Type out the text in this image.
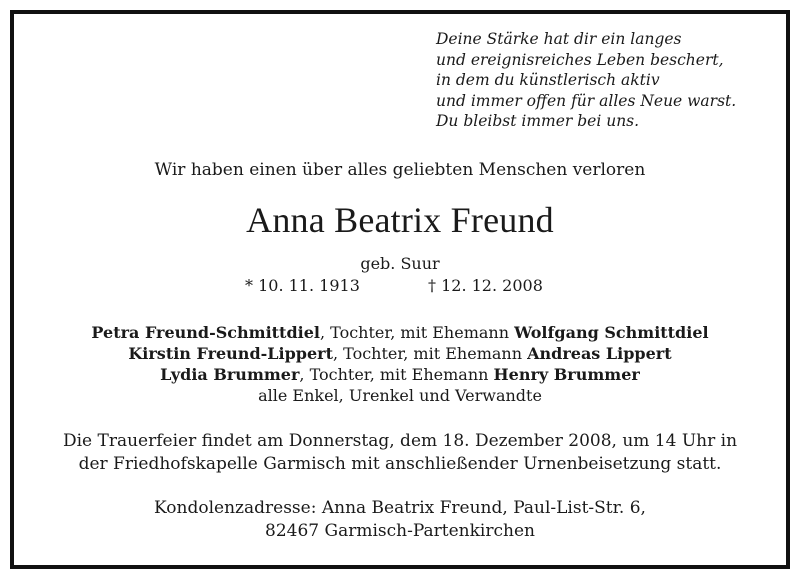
Deine Stärke hat dir ein langes
und ereignisreiches Leben beschert,
in dem du künstlerisch aktiv
und immer offen für alles Neue warst.
Du bleibst immer bei uns.
Wir haben einen über alles geliebten Menschen verloren
Anna Beatrix Freund
geb. Suur
* 10. 11. 1913	† 12. 12. 2008
Petra Freund-Schmittdiel, Tochter, mit Ehemann Wolfgang Schmittdiel
Kirstin Freund-Lippert, Tochter, mit Ehemann Andreas Lippert
Lydia Brummer, Tochter, mit Ehemann Henry Brummer
alle Enkel, Urenkel und Verwandte
Die Trauerfeier findet am Donnerstag, dem 18. Dezember 2008, um 14 Uhr in
der Friedhofskapelle Garmisch mit anschließender Urnenbeisetzung statt.
Kondolenzadresse: Anna Beatrix Freund, Paul-List-Str. 6,
82467 Garmisch-Partenkirchen
